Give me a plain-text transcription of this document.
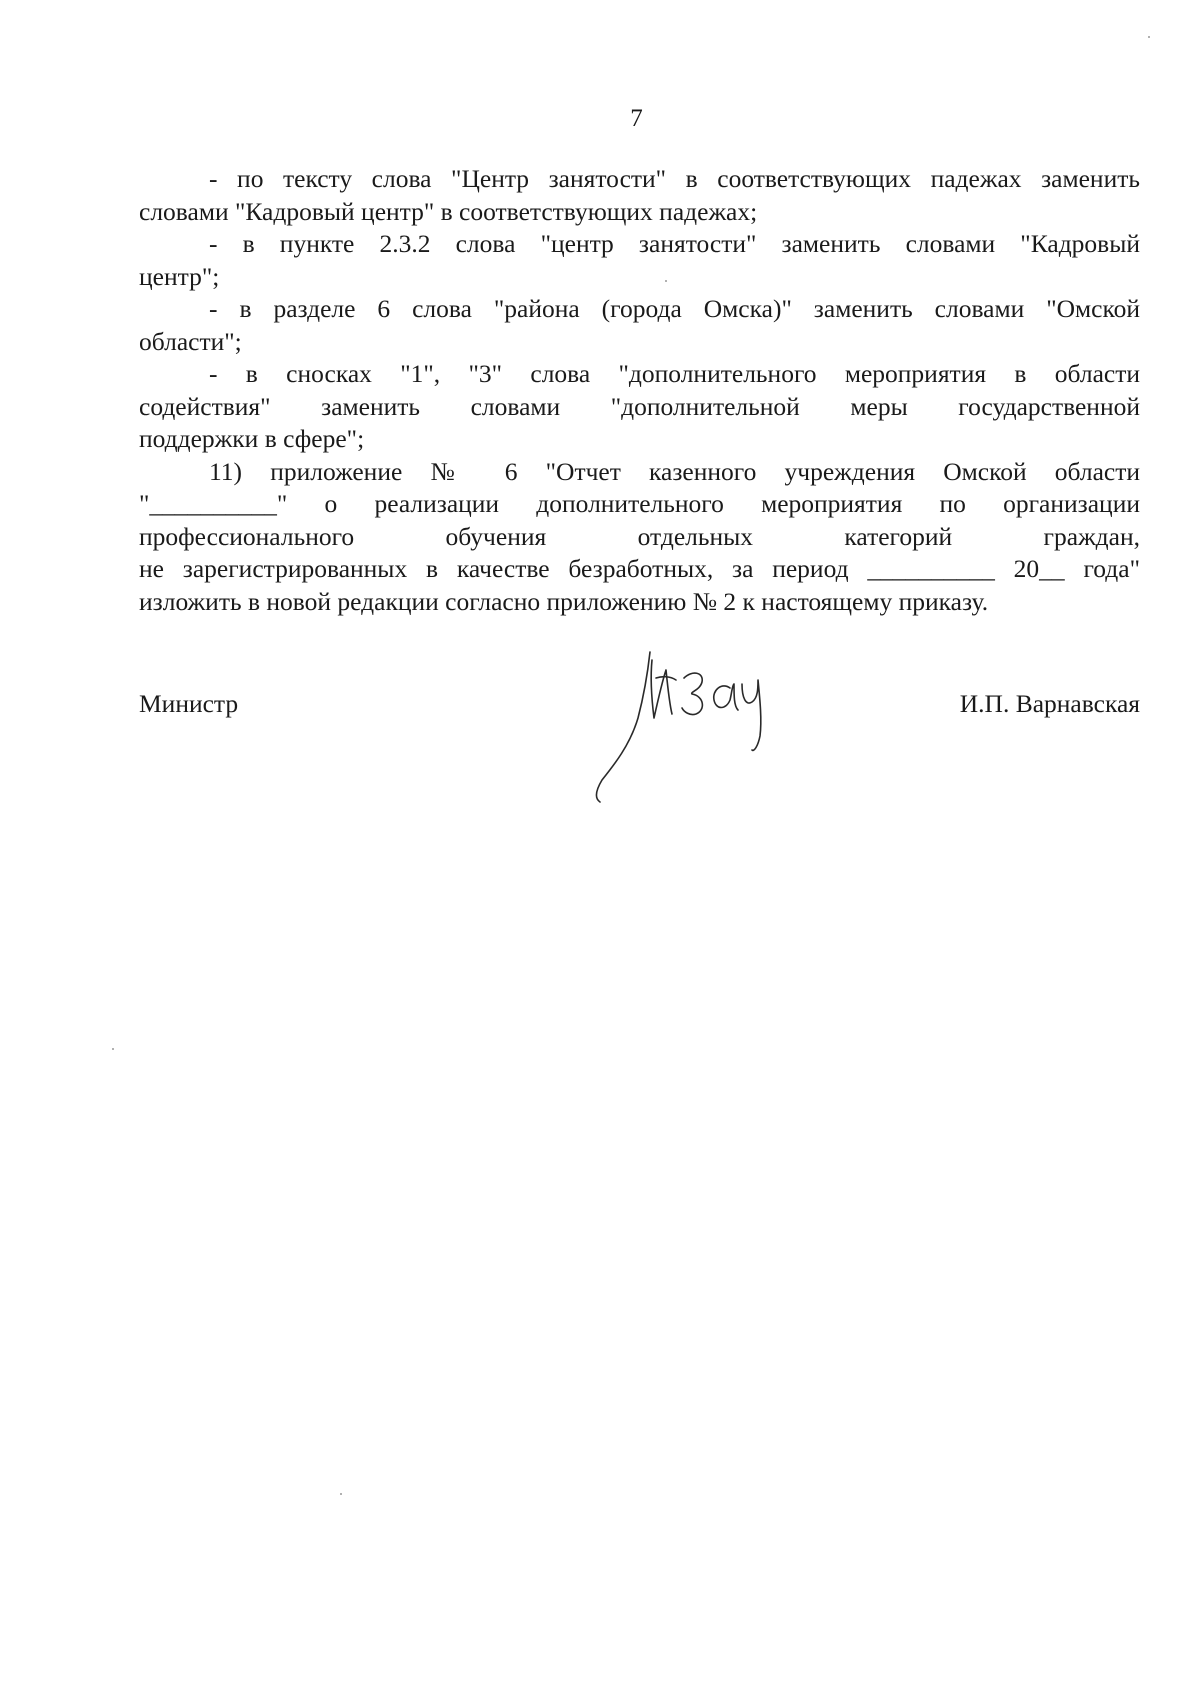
7
- по тексту слова "Центр занятости" в соответствующих падежах заменить
словами "Кадровый центр" в соответствующих падежах;
- в пункте 2.3.2 слова "центр занятости" заменить словами "Кадровый
центр";
- в разделе 6 слова "района (города Омска)" заменить словами "Омской
области";
- в сносках "1", "3" слова "дополнительного мероприятия в области
содействия" заменить словами "дополнительной меры государственной
поддержки в сфере";
11) приложение № 6 "Отчет казенного учреждения Омской области
"__________" о реализации дополнительного мероприятия по организации
профессионального обучения отдельных категорий граждан,
не зарегистрированных в качестве безработных, за период __________ 20__ года"
изложить в новой редакции согласно приложению № 2 к настоящему приказу.
Министр	И.П. Варнавская
